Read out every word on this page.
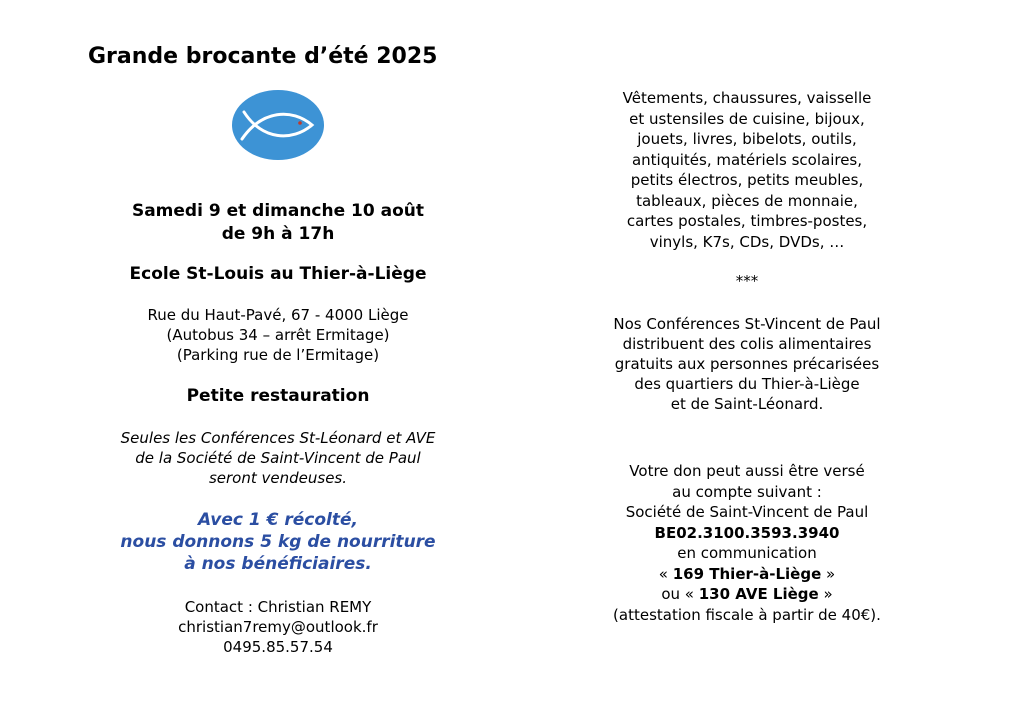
Grande brocante d’été 2025
Samedi 9 et dimanche 10 août
de 9h à 17h
Ecole St-Louis au Thier-à-Liège
Rue du Haut-Pavé, 67 - 4000 Liège
(Autobus 34 – arrêt Ermitage)
(Parking rue de l’Ermitage)
Petite restauration
Seules les Conférences St-Léonard et AVE
de la Société de Saint-Vincent de Paul
seront vendeuses.
Avec 1 € récolté,
nous donnons 5 kg de nourriture
à nos bénéficiaires.
Contact : Christian REMY
christian7remy@outlook.fr
0495.85.57.54
Vêtements, chaussures, vaisselle
et ustensiles de cuisine, bijoux,
jouets, livres, bibelots, outils,
antiquités, matériels scolaires,
petits électros, petits meubles,
tableaux, pièces de monnaie,
cartes postales, timbres-postes,
vinyls, K7s, CDs, DVDs, …
***
Nos Conférences St-Vincent de Paul
distribuent des colis alimentaires
gratuits aux personnes précarisées
des quartiers du Thier-à-Liège
et de Saint-Léonard.
Votre don peut aussi être versé
au compte suivant :
Société de Saint-Vincent de Paul
BE02.3100.3593.3940
en communication
« 169 Thier-à-Liège »
ou « 130 AVE Liège »
(attestation fiscale à partir de 40€).
